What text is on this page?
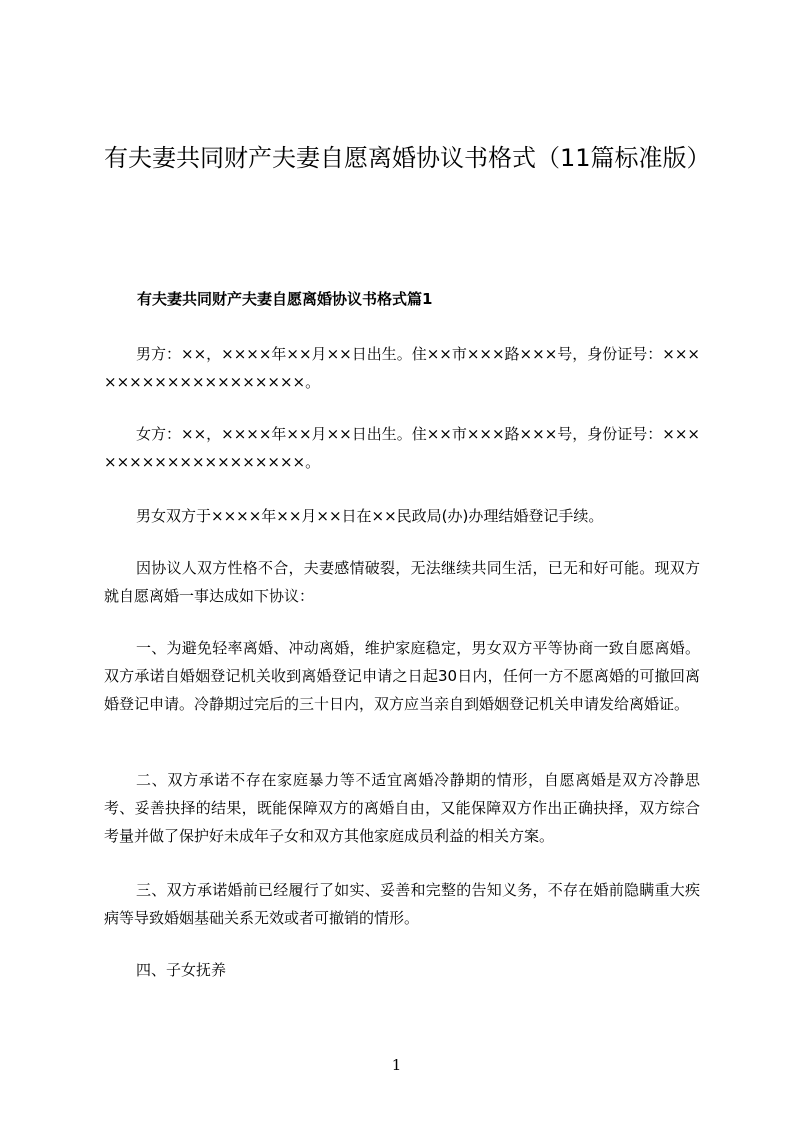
有夫妻共同财产夫妻自愿离婚协议书格式（11篇标准版）
有夫妻共同财产夫妻自愿离婚协议书格式篇1
男方：××，××××年××月××日出生。住××市×××路×××号，身份证号：×××××××××××××××××××。
女方：××，××××年××月××日出生。住××市×××路×××号，身份证号：×××××××××××××××××××。
男女双方于××××年××月××日在××民政局(办)办理结婚登记手续。
因协议人双方性格不合，夫妻感情破裂，无法继续共同生活，已无和好可能。现双方就自愿离婚一事达成如下协议：
一、为避免轻率离婚、冲动离婚，维护家庭稳定，男女双方平等协商一致自愿离婚。双方承诺自婚姻登记机关收到离婚登记申请之日起30日内，任何一方不愿离婚的可撤回离婚登记申请。冷静期过完后的三十日内，双方应当亲自到婚姻登记机关申请发给离婚证。
二、双方承诺不存在家庭暴力等不适宜离婚冷静期的情形，自愿离婚是双方冷静思考、妥善抉择的结果，既能保障双方的离婚自由，又能保障双方作出正确抉择，双方综合考量并做了保护好未成年子女和双方其他家庭成员利益的相关方案。
三、双方承诺婚前已经履行了如实、妥善和完整的告知义务，不存在婚前隐瞒重大疾病等导致婚姻基础关系无效或者可撤销的情形。
四、子女抚养
1
